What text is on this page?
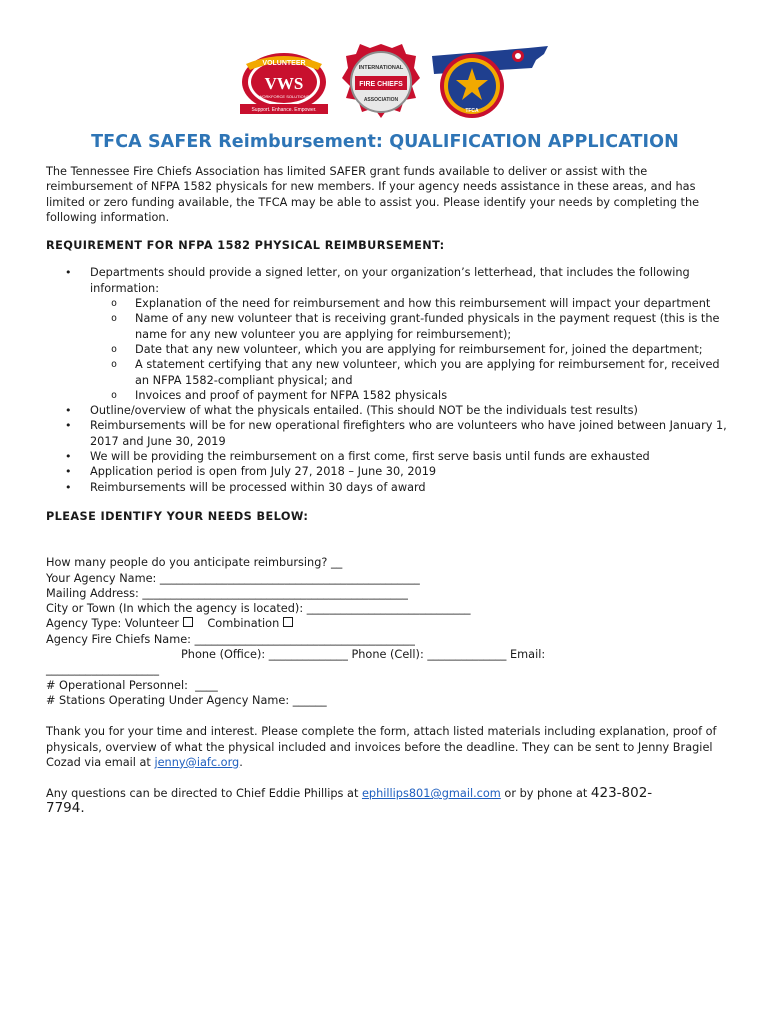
VOLUNTEER
VWS
WORKFORCE SOLUTIONS
Support. Enhance. Empower.
INTERNATIONAL
FIRE CHIEFS
ASSOCIATION
TFCA
TFCA SAFER Reimbursement: QUALIFICATION APPLICATION

The Tennessee Fire Chiefs Association has limited SAFER grant funds available to deliver or assist with the reimbursement of NFPA 1582 physicals for new members. If your agency needs assistance in these areas, and has limited or zero funding available, the TFCA may be able to assist you. Please identify your needs by completing the following information.

REQUIREMENT FOR NFPA 1582 PHYSICAL REIMBURSEMENT:

• Departments should provide a signed letter, on your organization’s letterhead, that includes the following information:
o Explanation of the need for reimbursement and how this reimbursement will impact your department
o Name of any new volunteer that is receiving grant-funded physicals in the payment request (this is the name for any new volunteer you are applying for reimbursement);
o Date that any new volunteer, which you are applying for reimbursement for, joined the department;
o A statement certifying that any new volunteer, which you are applying for reimbursement for, received an NFPA 1582-compliant physical; and
o Invoices and proof of payment for NFPA 1582 physicals
• Outline/overview of what the physicals entailed. (This should NOT be the individuals test results)
• Reimbursements will be for new operational firefighters who are volunteers who have joined between January 1, 2017 and June 30, 2019
• We will be providing the reimbursement on a first come, first serve basis until funds are exhausted
• Application period is open from July 27, 2018 – June 30, 2019
• Reimbursements will be processed within 30 days of award

PLEASE IDENTIFY YOUR NEEDS BELOW:

How many people do you anticipate reimbursing? __
Your Agency Name: ______________________________________________
Mailing Address: _______________________________________________
City or Town (In which the agency is located): _____________________________
Agency Type: Volunteer	Combination
Agency Fire Chiefs Name: _______________________________________
Phone (Office): ______________ Phone (Cell): ______________ Email:
____________________
# Operational Personnel:  ____
# Stations Operating Under Agency Name: ______

Thank you for your time and interest. Please complete the form, attach listed materials including explanation, proof of physicals, overview of what the physical included and invoices before the deadline. They can be sent to Jenny Bragiel Cozad via email at jenny@iafc.org.

Any questions can be directed to Chief Eddie Phillips at ephillips801@gmail.com or by phone at 423-802-
7794.
